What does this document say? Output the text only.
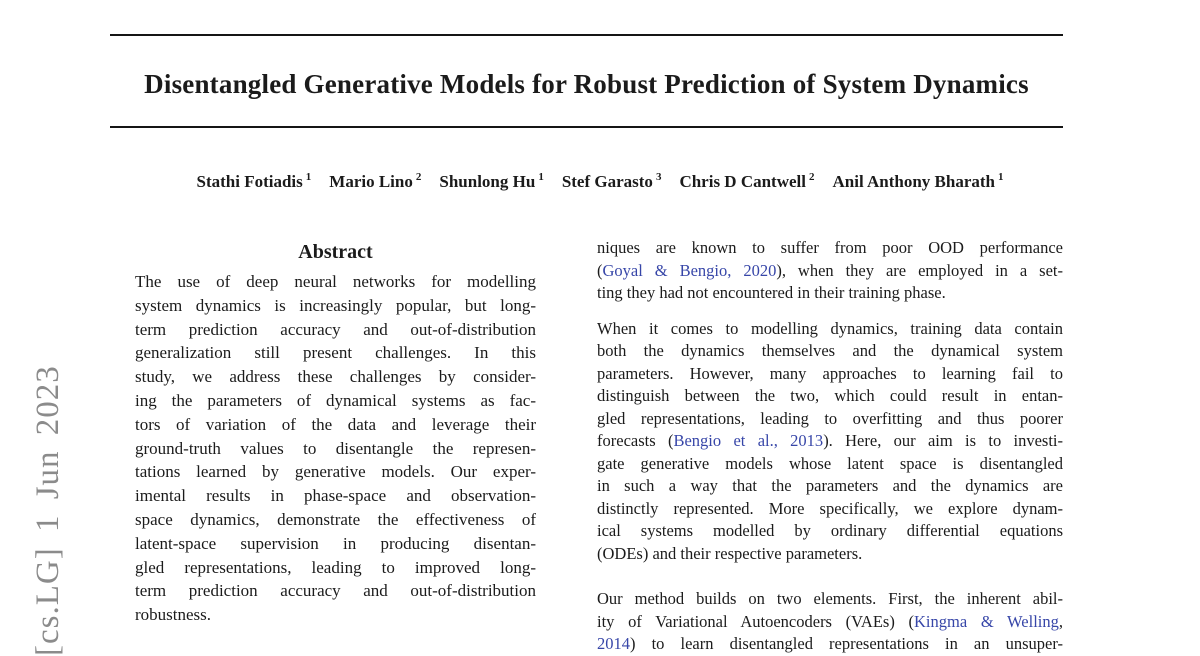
Disentangled Generative Models for Robust Prediction of System Dynamics
Stathi Fotiadis $^1$ Mario Lino $^2$ Shunlong Hu $^1$ Stef Garasto $^3$ Chris D Cantwell $^2$ Anil Anthony Bharath $^1$
Abstract
The use of deep neural networks for modelling
system dynamics is increasingly popular, but long-
term prediction accuracy and out-of-distribution
generalization still present challenges. In this
study, we address these challenges by consider-
ing the parameters of dynamical systems as fac-
tors of variation of the data and leverage their
ground-truth values to disentangle the represen-
tations learned by generative models. Our exper-
imental results in phase-space and observation-
space dynamics, demonstrate the effectiveness of
latent-space supervision in producing disentan-
gled representations, leading to improved long-
term prediction accuracy and out-of-distribution
robustness.
niques are known to suffer from poor OOD performance
(Goyal & Bengio, 2020), when they are employed in a set-
ting they had not encountered in their training phase.
When it comes to modelling dynamics, training data contain
both the dynamics themselves and the dynamical system
parameters. However, many approaches to learning fail to
distinguish between the two, which could result in entan-
gled representations, leading to overfitting and thus poorer
forecasts (Bengio et al., 2013). Here, our aim is to investi-
gate generative models whose latent space is disentangled
in such a way that the parameters and the dynamics are
distinctly represented. More specifically, we explore dynam-
ical systems modelled by ordinary differential equations
(ODEs) and their respective parameters.
Our method builds on two elements. First, the inherent abil-
ity of Variational Autoencoders (VAEs) (Kingma & Welling,
2014) to learn disentangled representations in an unsuper-
[cs.LG] 1 Jun 2023
